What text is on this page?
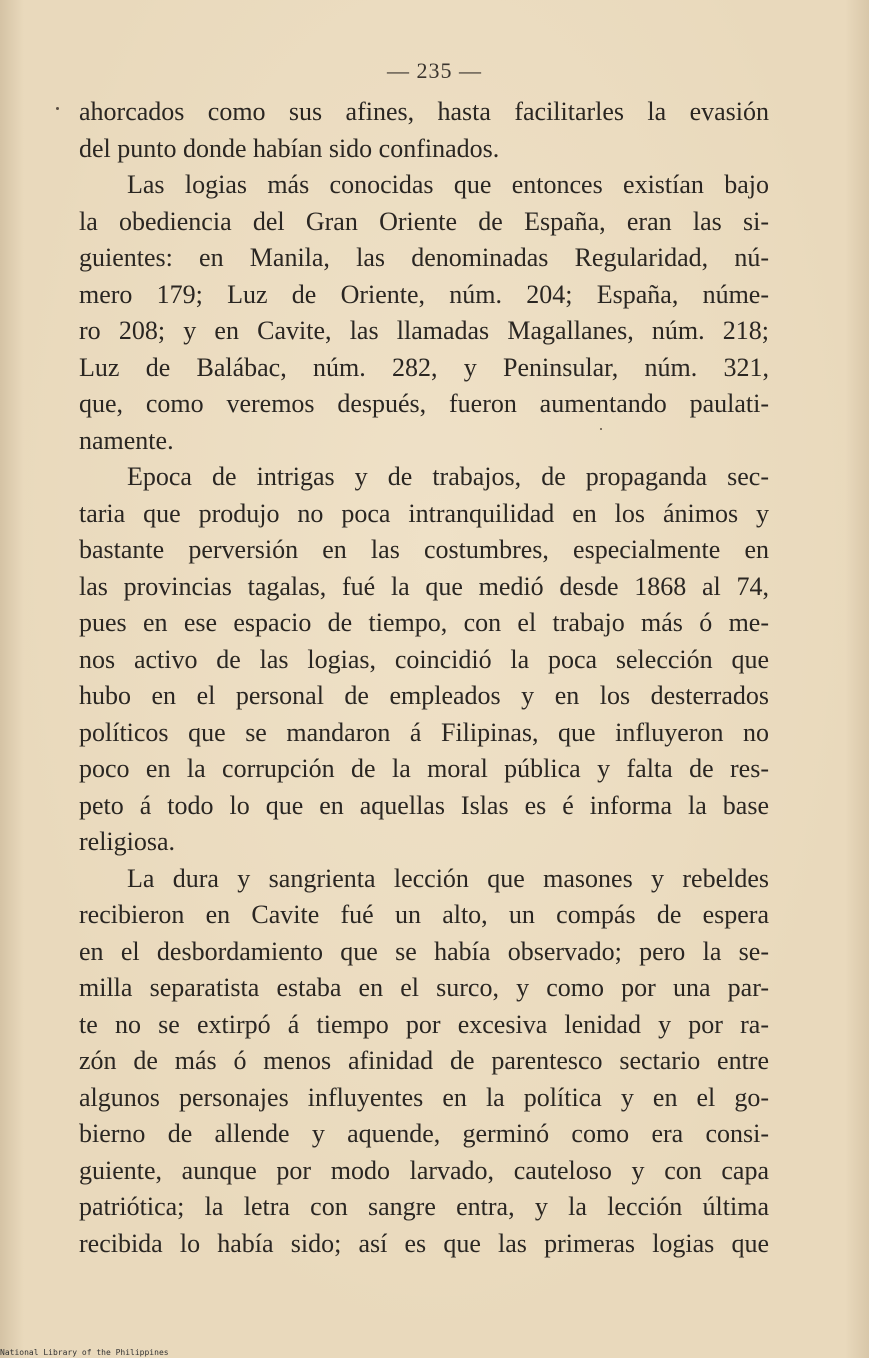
— 235 —
ahorcados como sus afines, hasta facilitarles la evasión
del punto donde habían sido confinados.
Las logias más conocidas que entonces existían bajo
la obediencia del Gran Oriente de España, eran las si-
guientes: en Manila, las denominadas Regularidad, nú-
mero 179; Luz de Oriente, núm. 204; España, núme-
ro 208; y en Cavite, las llamadas Magallanes, núm. 218;
Luz de Balábac, núm. 282, y Peninsular, núm. 321,
que, como veremos después, fueron aumentando paulati-
namente.
Epoca de intrigas y de trabajos, de propaganda sec-
taria que produjo no poca intranquilidad en los ánimos y
bastante perversión en las costumbres, especialmente en
las provincias tagalas, fué la que medió desde 1868 al 74,
pues en ese espacio de tiempo, con el trabajo más ó me-
nos activo de las logias, coincidió la poca selección que
hubo en el personal de empleados y en los desterrados
políticos que se mandaron á Filipinas, que influyeron no
poco en la corrupción de la moral pública y falta de res-
peto á todo lo que en aquellas Islas es é informa la base
religiosa.
La dura y sangrienta lección que masones y rebeldes
recibieron en Cavite fué un alto, un compás de espera
en el desbordamiento que se había observado; pero la se-
milla separatista estaba en el surco, y como por una par-
te no se extirpó á tiempo por excesiva lenidad y por ra-
zón de más ó menos afinidad de parentesco sectario entre
algunos personajes influyentes en la política y en el go-
bierno de allende y aquende, germinó como era consi-
guiente, aunque por modo larvado, cauteloso y con capa
patriótica; la letra con sangre entra, y la lección última
recibida lo había sido; así es que las primeras logias que
National Library of the Philippines
